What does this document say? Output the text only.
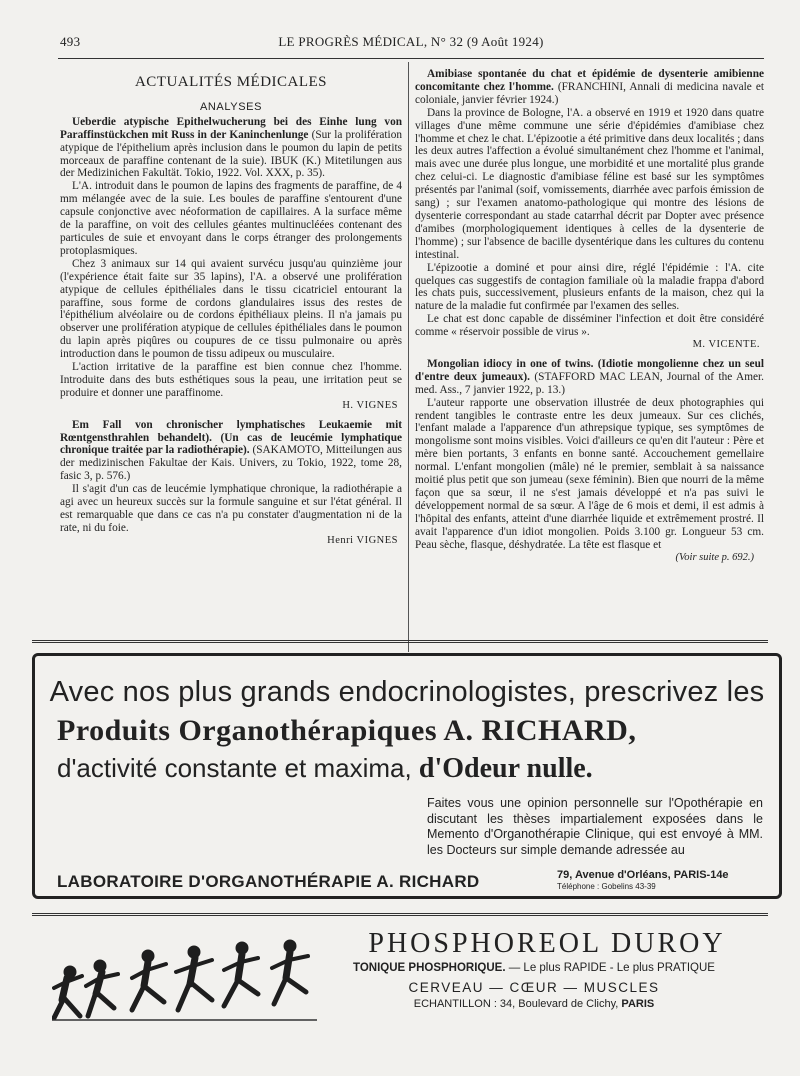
493	LE PROGRÈS MÉDICAL, N° 32 (9 Août 1924)
ACTUALITÉS MÉDICALES
ANALYSES

Ueberdie atypische Epithelwucherung bei des Einhe lung von Paraffinstückchen mit Russ in der Kaninchenlunge (Sur la prolifération atypique de l'épithelium après inclusion dans le poumon du lapin de petits morceaux de paraffine contenant de la suie). IBUK (K.) Mitetilungen aus der Medizinichen Fakultät. Tokio, 1922. Vol. XXX, p. 35).

L'A. introduit dans le poumon de lapins des fragments de paraffine, de 4 mm mélangée avec de la suie. Les boules de paraffine s'entourent d'une capsule conjonctive avec néoformation de capillaires. A la surface même de la paraffine, on voit des cellules géantes multinucléées contenant des particules de suie et envoyant dans le corps étranger des prolongements protoplasmiques.

Chez 3 animaux sur 14 qui avaient survécu jusqu'au quinzième jour (l'expérience était faite sur 35 lapins), l'A. a observé une prolifération atypique de cellules épithéliales dans le tissu cicatriciel entourant la paraffine, sous forme de cordons glandulaires issus des restes de l'épithélium alvéolaire ou de cordons épithéliaux pleins. Il n'a jamais pu observer une prolifération atypique de cellules épithéliales dans le poumon du lapin après piqûres ou coupures de ce tissu pulmonaire ou après introduction dans le poumon de tissu adipeux ou musculaire.

L'action irritative de la paraffine est bien connue chez l'homme. Introduite dans des buts esthétiques sous la peau, une irritation peut se produire et donner une paraffinome.

H. VIGNES

Em Fall von chronischer lymphatisches Leukaemie mit Rœntgensthrahlen behandelt). (Un cas de leucémie lymphatique chronique traitée par la radiothérapie). (SAKAMOTO, Mitteilungen aus der medizinischen Fakultae der Kais. Univers, zu Tokio, 1922, tome 28, fasic 3, p. 576.)

Il s'agit d'un cas de leucémie lymphatique chronique, la radiothérapie a agi avec un heureux succès sur la formule sanguine et sur l'état général. Il est remarquable que dans ce cas n'a pu constater d'augmentation ni de la rate, ni du foie.

Henri VIGNES

Amibiase spontanée du chat et épidémie de dysenterie amibienne concomitante chez l'homme. (FRANCHINI, Annali di medicina navale et coloniale, janvier février 1924.)

Dans la province de Bologne, l'A. a observé en 1919 et 1920 dans quatre villages d'une même commune une série d'épidémies d'amibiase chez l'homme et chez le chat. L'épizootie a été primitive dans deux localités ; dans les deux autres l'affection a évolué simultanément chez l'homme et l'animal, mais avec une durée plus longue, une morbidité et une mortalité plus grande chez celui-ci. Le diagnostic d'amibiase féline est basé sur les symptômes présentés par l'animal (soif, vomissements, diarrhée avec parfois émission de sang) ; sur l'examen anatomo-pathologique qui montre des lésions de dysenterie correspondant au stade catarrhal décrit par Dopter avec présence d'amibes (morphologiquement identiques à celles de la dysenterie de l'homme) ; sur l'absence de bacille dysentérique dans les cultures du contenu intestinal.

L'épizootie a dominé et pour ainsi dire, réglé l'épidémie : l'A. cite quelques cas suggestifs de contagion familiale où la maladie frappa d'abord les chats puis, successivement, plusieurs enfants de la maison, chez qui la nature de la maladie fut confirmée par l'examen des selles.

Le chat est donc capable de disséminer l'infection et doit être considéré comme « réservoir possible de virus ».

M. VICENTE.

Mongolian idiocy in one of twins. (Idiotie mongolienne chez un seul d'entre deux jumeaux). (STAFFORD MAC LEAN, Journal of the Amer. med. Ass., 7 janvier 1922, p. 13.)

L'auteur rapporte une observation illustrée de deux photographies qui rendent tangibles le contraste entre les deux jumeaux. Sur ces clichés, l'enfant malade a l'apparence d'un athrepsique typique, ses symptômes de mongolisme sont moins visibles. Voici d'ailleurs ce qu'en dit l'auteur : Père et mère bien portants, 3 enfants en bonne santé. Accouchement gemellaire normal. L'enfant mongolien (mâle) né le premier, semblait à sa naissance moitié plus petit que son jumeau (sexe féminin). Bien que nourri de la même façon que sa sœur, il ne s'est jamais développé et n'a pas suivi le développement normal de sa sœur. A l'âge de 6 mois et demi, il est admis à l'hôpital des enfants, atteint d'une diarrhée liquide et extrêmement prostré. Il avait l'apparence d'un idiot mongolien. Poids 3.100 gr. Longueur 53 cm. Peau sèche, flasque, déshydratée. La tête est flasque et

(Voir suite p. 692.)
Avec nos plus grands endocrinologistes, prescrivez les
Produits Organothérapiques A. RICHARD,
d'activité constante et maxima, d'Odeur nulle.
Faites vous une opinion personnelle sur l'Opothérapie en discutant les thèses impartialement exposées dans le Memento d'Organothérapie Clinique, qui est envoyé à MM. les Docteurs sur simple demande adressée au
LABORATOIRE D'ORGANOTHÉRAPIE A. RICHARD	79, Avenue d'Orléans, PARIS-14e
Téléphone : Gobelins 43-39
PHOSPHOREOL DUROY
TONIQUE PHOSPHORIQUE. — Le plus RAPIDE - Le plus PRATIQUE
CERVEAU — CŒUR — MUSCLES
ECHANTILLON : 34, Boulevard de Clichy, PARIS
